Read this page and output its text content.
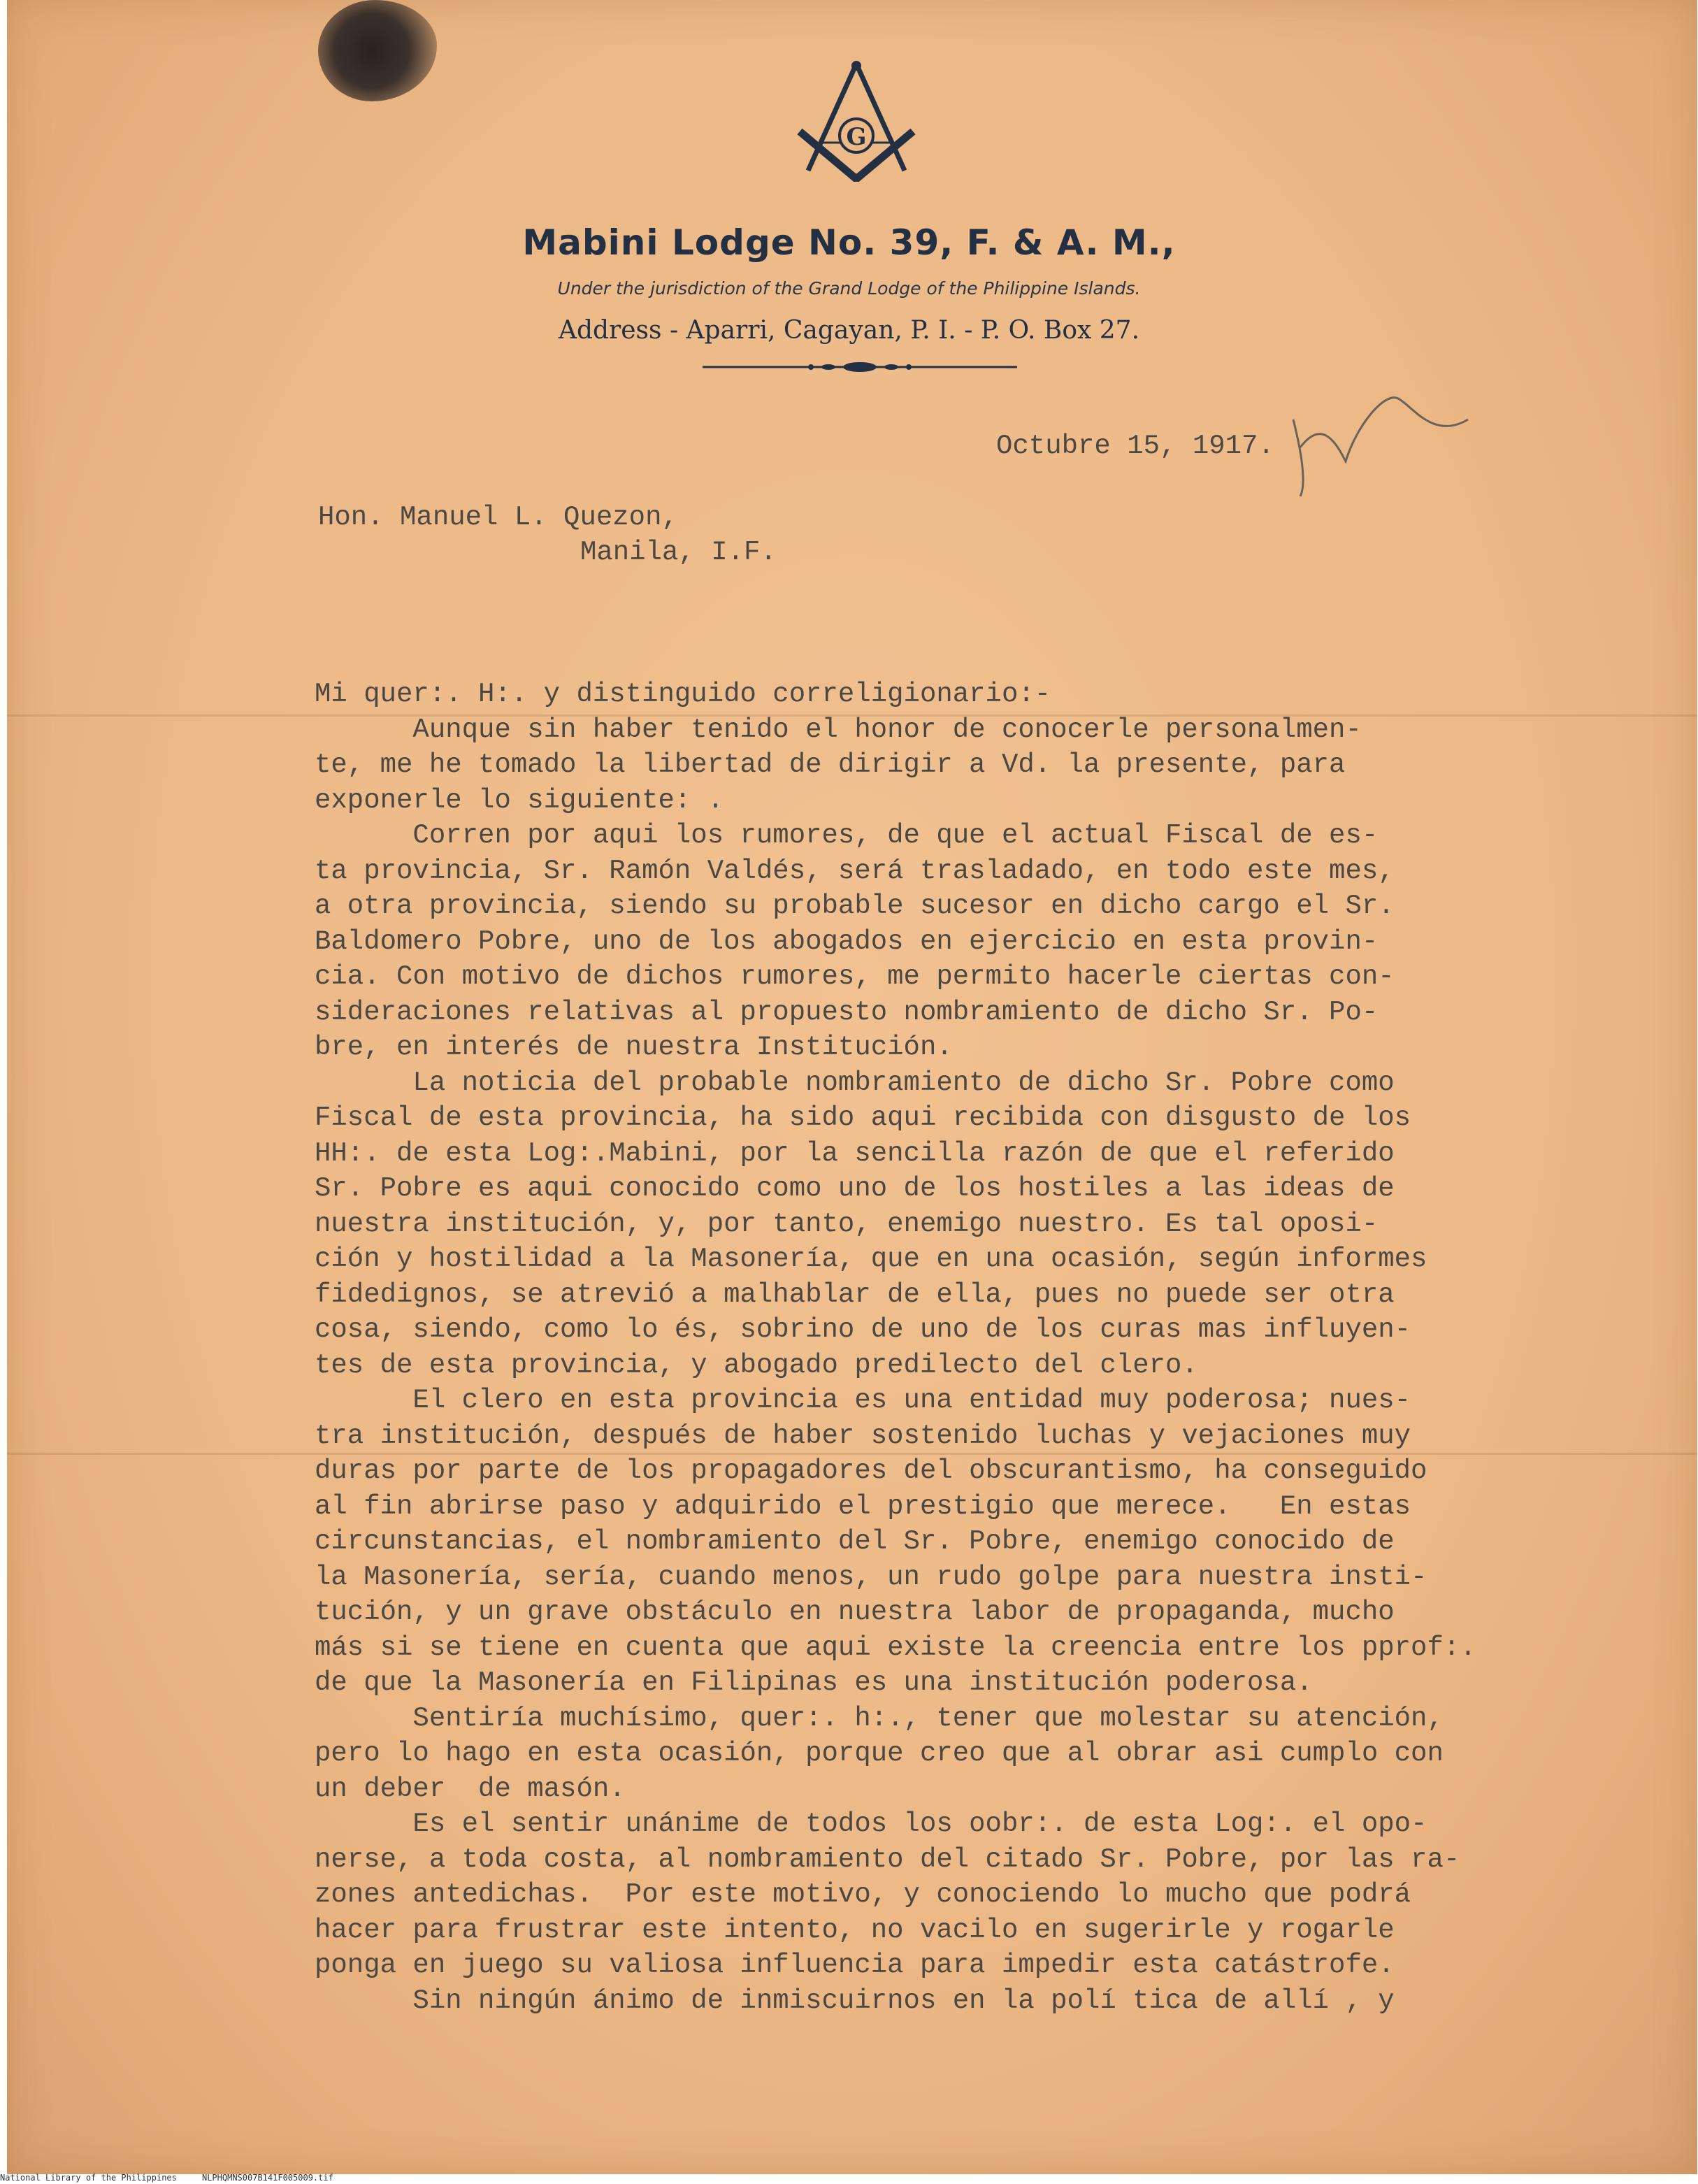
G
Mabini Lodge No. 39, F. & A. M.,
Under the jurisdiction of the Grand Lodge of the Philippine Islands.
Address - Aparri, Cagayan, P. I. - P. O. Box 27.
Octubre 15, 1917.
Hon. Manuel L. Quezon,
Manila, I.F.
Mi quer:. H:. y distinguido correligionario:-
Aunque sin haber tenido el honor de conocerle personalmen-
te, me he tomado la libertad de dirigir a Vd. la presente, para
exponerle lo siguiente: .
Corren por aqui los rumores, de que el actual Fiscal de es-
ta provincia, Sr. Ramón Valdés, será trasladado, en todo este mes,
a otra provincia, siendo su probable sucesor en dicho cargo el Sr.
Baldomero Pobre, uno de los abogados en ejercicio en esta provin-
cia. Con motivo de dichos rumores, me permito hacerle ciertas con-
sideraciones relativas al propuesto nombramiento de dicho Sr. Po-
bre, en interés de nuestra Institución.
La noticia del probable nombramiento de dicho Sr. Pobre como
Fiscal de esta provincia, ha sido aqui recibida con disgusto de los
HH:. de esta Log:.Mabini, por la sencilla razón de que el referido
Sr. Pobre es aqui conocido como uno de los hostiles a las ideas de
nuestra institución, y, por tanto, enemigo nuestro. Es tal oposi-
ción y hostilidad a la Masonería, que en una ocasión, según informes
fidedignos, se atrevió a malhablar de ella, pues no puede ser otra
cosa, siendo, como lo és, sobrino de uno de los curas mas influyen-
tes de esta provincia, y abogado predilecto del clero.
El clero en esta provincia es una entidad muy poderosa; nues-
tra institución, después de haber sostenido luchas y vejaciones muy
duras por parte de los propagadores del obscurantismo, ha conseguido
al fin abrirse paso y adquirido el prestigio que merece.   En estas
circunstancias, el nombramiento del Sr. Pobre, enemigo conocido de
la Masonería, sería, cuando menos, un rudo golpe para nuestra insti-
tución, y un grave obstáculo en nuestra labor de propaganda, mucho
más si se tiene en cuenta que aqui existe la creencia entre los pprof:.
de que la Masonería en Filipinas es una institución poderosa.
Sentiría muchísimo, quer:. h:., tener que molestar su atención,
pero lo hago en esta ocasión, porque creo que al obrar asi cumplo con
un deber  de masón.
Es el sentir unánime de todos los oobr:. de esta Log:. el opo-
nerse, a toda costa, al nombramiento del citado Sr. Pobre, por las ra-
zones antedichas.  Por este motivo, y conociendo lo mucho que podrá
hacer para frustrar este intento, no vacilo en sugerirle y rogarle
ponga en juego su valiosa influencia para impedir esta catástrofe.
Sin ningún ánimo de inmiscuirnos en la polí tica de allí , y
National Library of the Philippines     NLPHQMNS007B141F005009.tif
